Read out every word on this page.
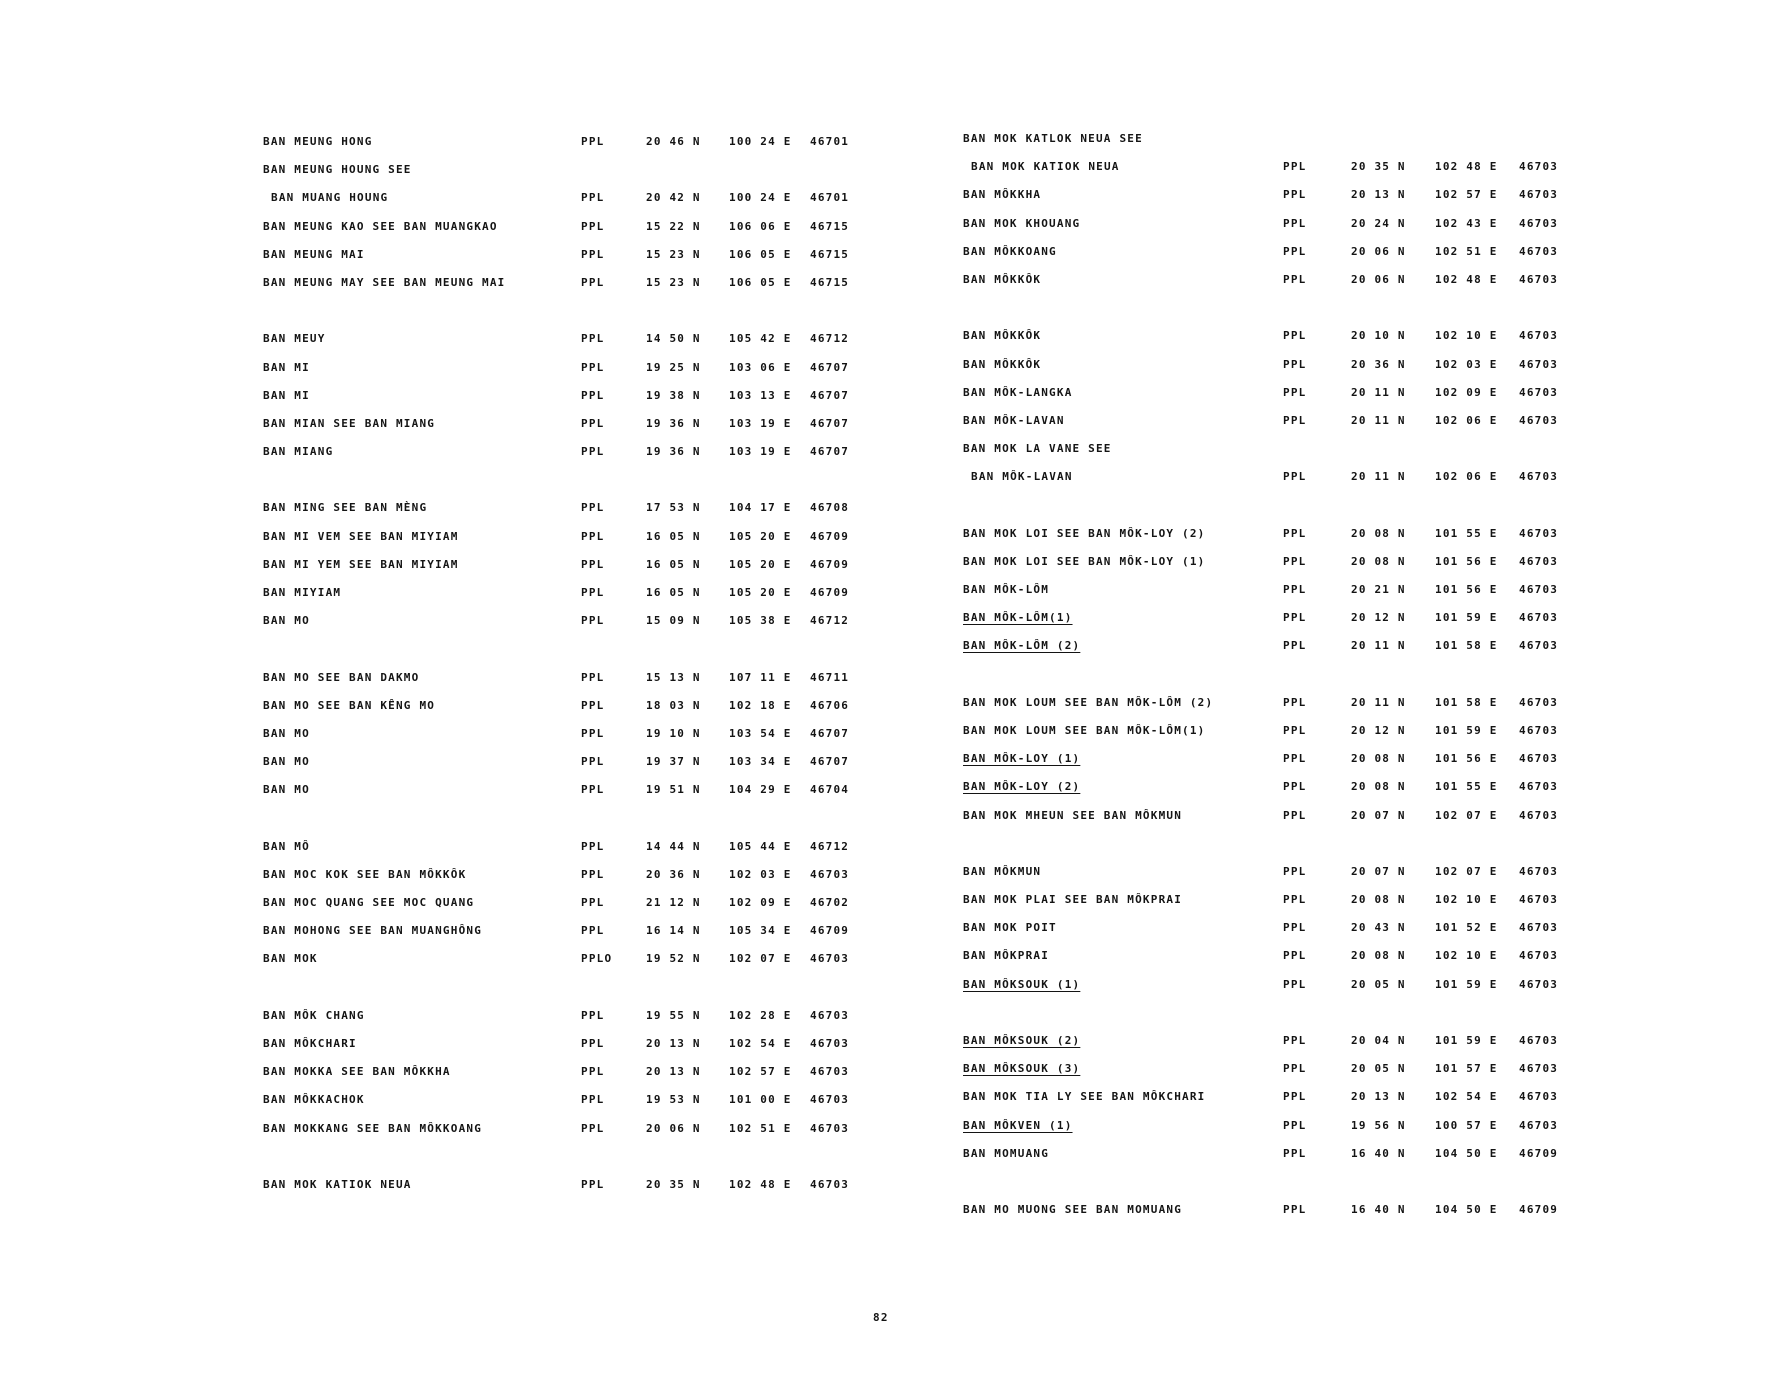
BAN MEUNG HONG	PPL	20 46 N	100 24 E 46701
BAN MEUNG HOUNG SEE
BAN MUANG HOUNG	PPL	20 42 N	100 24 E 46701
BAN MEUNG KAO SEE BAN MUANGKAO	PPL	15 22 N	106 06 E 46715
BAN MEUNG MAI	PPL	15 23 N	106 05 E 46715
BAN MEUNG MAY SEE BAN MEUNG MAI	PPL	15 23 N	106 05 E 46715
BAN MEUY	PPL	14 50 N	105 42 E 46712
BAN MI	PPL	19 25 N	103 06 E 46707
BAN MI	PPL	19 38 N	103 13 E 46707
BAN MIAN SEE BAN MIANG	PPL	19 36 N	103 19 E 46707
BAN MIANG	PPL	19 36 N	103 19 E 46707
BAN MING SEE BAN MÈNG	PPL	17 53 N	104 17 E 46708
BAN MI VEM SEE BAN MIYIAM	PPL	16 05 N	105 20 E 46709
BAN MI YEM SEE BAN MIYIAM	PPL	16 05 N	105 20 E 46709
BAN MIYIAM	PPL	16 05 N	105 20 E 46709
BAN MO	PPL	15 09 N	105 38 E 46712
BAN MO SEE BAN DAKMO	PPL	15 13 N	107 11 E 46711
BAN MO SEE BAN KÊNG MO	PPL	18 03 N	102 18 E 46706
BAN MO	PPL	19 10 N	103 54 E 46707
BAN MO	PPL	19 37 N	103 34 E 46707
BAN MO	PPL	19 51 N	104 29 E 46704
BAN MÔ	PPL	14 44 N	105 44 E 46712
BAN MOC KOK SEE BAN MÔKKÔK	PPL	20 36 N	102 03 E 46703
BAN MOC QUANG SEE MOC QUANG	PPL	21 12 N	102 09 E 46702
BAN MOHONG SEE BAN MUANGHÔNG	PPL	16 14 N	105 34 E 46709
BAN MOK	PPLO	19 52 N	102 07 E 46703
BAN MÔK CHANG	PPL	19 55 N	102 28 E 46703
BAN MÔKCHARI	PPL	20 13 N	102 54 E 46703
BAN MOKKA SEE BAN MÔKKHA	PPL	20 13 N	102 57 E 46703
BAN MÔKKACHOK	PPL	19 53 N	101 00 E 46703
BAN MOKKANG SEE BAN MÔKKOANG	PPL	20 06 N	102 51 E 46703
BAN MOK KATIOK NEUA	PPL	20 35 N	102 48 E 46703
BAN MOK KATLOK NEUA SEE
BAN MOK KATIOK NEUA	PPL	20 35 N	102 48 E 46703
BAN MÔKKHA	PPL	20 13 N	102 57 E 46703
BAN MOK KHOUANG	PPL	20 24 N	102 43 E 46703
BAN MÔKKOANG	PPL	20 06 N	102 51 E 46703
BAN MÔKKÔK	PPL	20 06 N	102 48 E 46703
BAN MÔKKÔK	PPL	20 10 N	102 10 E 46703
BAN MÔKKÔK	PPL	20 36 N	102 03 E 46703
BAN MÔK-LANGKA	PPL	20 11 N	102 09 E 46703
BAN MÔK-LAVAN	PPL	20 11 N	102 06 E 46703
BAN MOK LA VANE SEE
BAN MÔK-LAVAN	PPL	20 11 N	102 06 E 46703
BAN MOK LOI SEE BAN MÔK-LOY (2)	PPL	20 08 N	101 55 E 46703
BAN MOK LOI SEE BAN MÔK-LOY (1)	PPL	20 08 N	101 56 E 46703
BAN MÔK-LÔM	PPL	20 21 N	101 56 E 46703
BAN MÔK-LÔM(1)	PPL	20 12 N	101 59 E 46703
BAN MÔK-LÔM (2)	PPL	20 11 N	101 58 E 46703
BAN MOK LOUM SEE BAN MÔK-LÔM (2)	PPL	20 11 N	101 58 E 46703
BAN MOK LOUM SEE BAN MÔK-LÔM(1)	PPL	20 12 N	101 59 E 46703
BAN MÔK-LOY (1)	PPL	20 08 N	101 56 E 46703
BAN MÔK-LOY (2)	PPL	20 08 N	101 55 E 46703
BAN MOK MHEUN SEE BAN MÔKMUN	PPL	20 07 N	102 07 E 46703
BAN MÔKMUN	PPL	20 07 N	102 07 E 46703
BAN MOK PLAI SEE BAN MÔKPRAI	PPL	20 08 N	102 10 E 46703
BAN MOK POIT	PPL	20 43 N	101 52 E 46703
BAN MÔKPRAI	PPL	20 08 N	102 10 E 46703
BAN MÔKSOUK (1)	PPL	20 05 N	101 59 E 46703
BAN MÔKSOUK (2)	PPL	20 04 N	101 59 E 46703
BAN MÔKSOUK (3)	PPL	20 05 N	101 57 E 46703
BAN MOK TIA LY SEE BAN MÔKCHARI	PPL	20 13 N	102 54 E 46703
BAN MÔKVEN (1)	PPL	19 56 N	100 57 E 46703
BAN MOMUANG	PPL	16 40 N	104 50 E 46709
BAN MO MUONG SEE BAN MOMUANG	PPL	16 40 N	104 50 E 46709
82
